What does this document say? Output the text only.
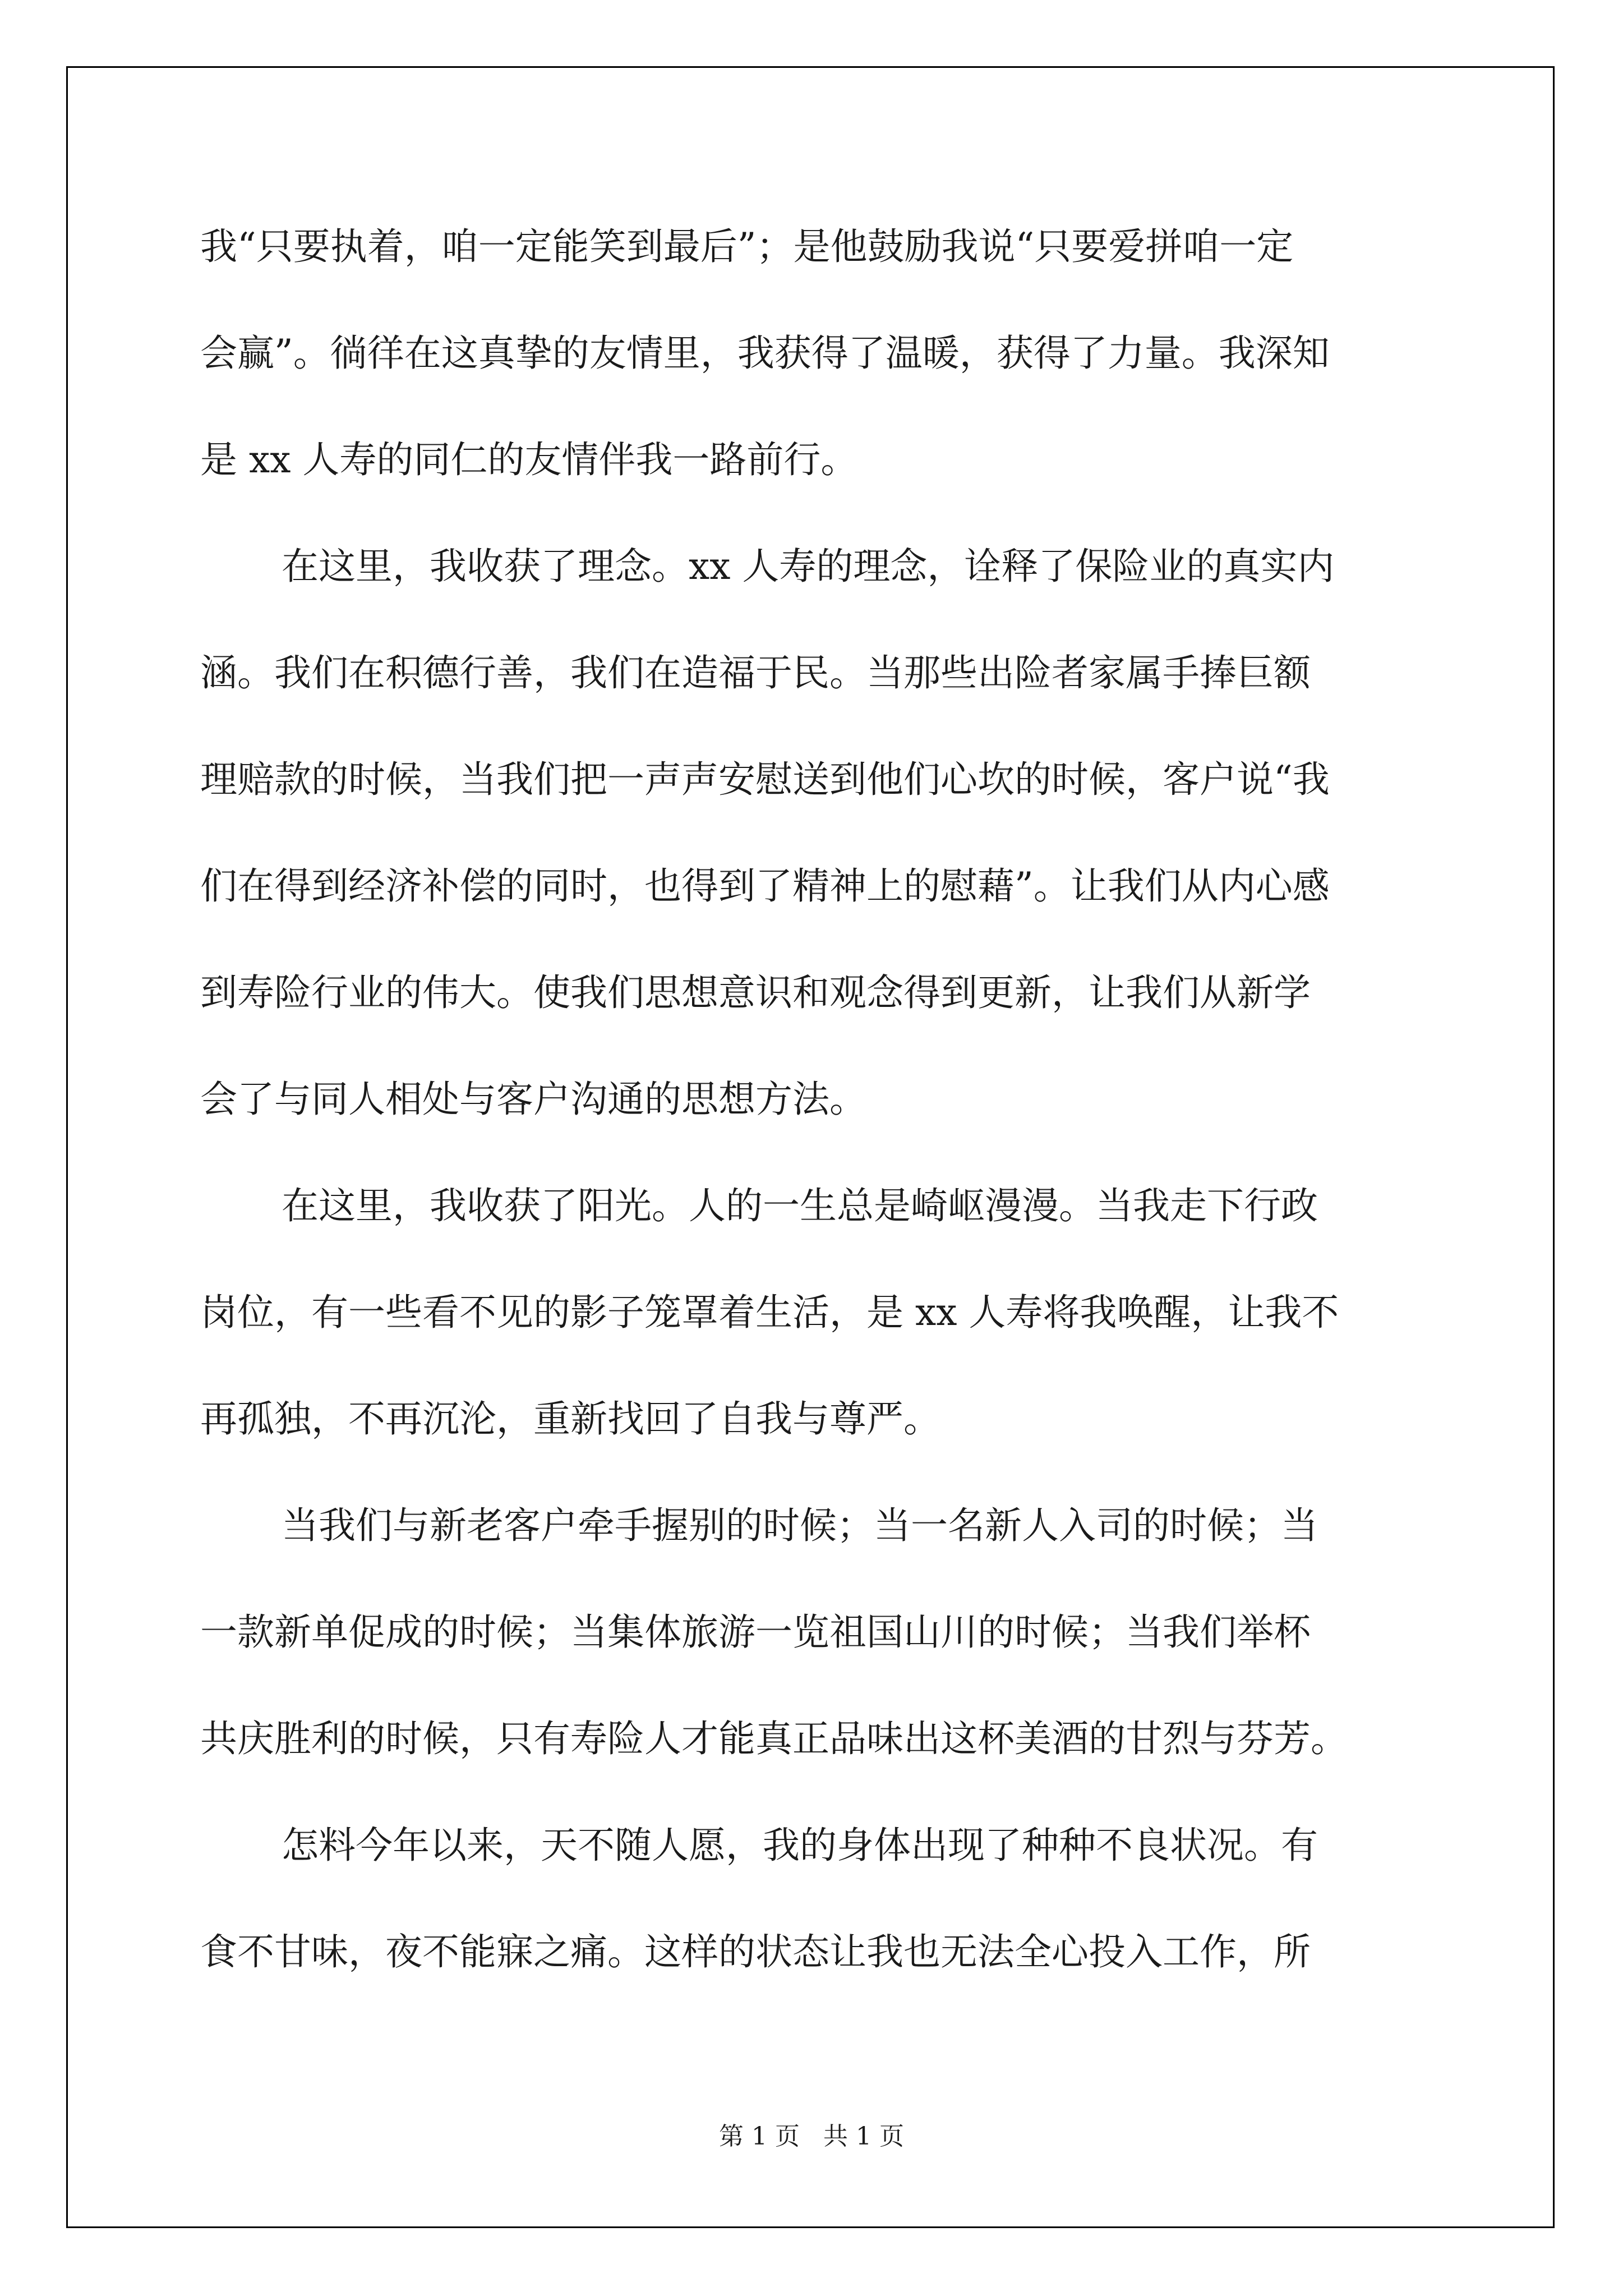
我“只要执着，咱一定能笑到最后”；是他鼓励我说“只要爱拼咱一定
会赢”。徜徉在这真挚的友情里，我获得了温暖，获得了力量。我深知
是 xx 人寿的同仁的友情伴我一路前行。
在这里，我收获了理念。xx 人寿的理念，诠释了保险业的真实内
涵。我们在积德行善，我们在造福于民。当那些出险者家属手捧巨额
理赔款的时候，当我们把一声声安慰送到他们心坎的时候，客户说“我
们在得到经济补偿的同时，也得到了精神上的慰藉”。让我们从内心感
到寿险行业的伟大。使我们思想意识和观念得到更新，让我们从新学
会了与同人相处与客户沟通的思想方法。
在这里，我收获了阳光。人的一生总是崎岖漫漫。当我走下行政
岗位，有一些看不见的影子笼罩着生活，是 xx 人寿将我唤醒，让我不
再孤独，不再沉沦，重新找回了自我与尊严。
当我们与新老客户牵手握别的时候；当一名新人入司的时候；当
一款新单促成的时候；当集体旅游一览祖国山川的时候；当我们举杯
共庆胜利的时候，只有寿险人才能真正品味出这杯美酒的甘烈与芬芳。
怎料今年以来，天不随人愿，我的身体出现了种种不良状况。有
食不甘味，夜不能寐之痛。这样的状态让我也无法全心投入工作，所
第 1 页   共 1 页
